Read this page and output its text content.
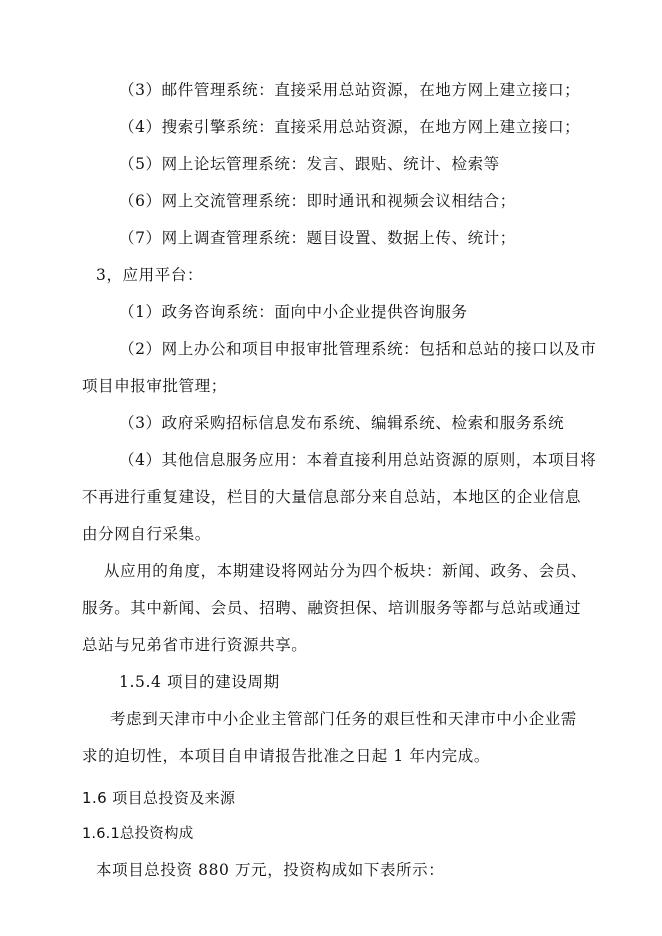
（3）邮件管理系统：直接采用总站资源，在地方网上建立接口；
（4）搜索引擎系统：直接采用总站资源，在地方网上建立接口；
（5）网上论坛管理系统：发言、跟贴、统计、检索等
（6）网上交流管理系统：即时通讯和视频会议相结合；
（7）网上调查管理系统：题目设置、数据上传、统计；
3，应用平台：
（1）政务咨询系统：面向中小企业提供咨询服务
（2）网上办公和项目申报审批管理系统：包括和总站的接口以及市
项目申报审批管理；
（3）政府采购招标信息发布系统、编辑系统、检索和服务系统
（4）其他信息服务应用：本着直接利用总站资源的原则，本项目将
不再进行重复建设，栏目的大量信息部分来自总站，本地区的企业信息
由分网自行采集。
从应用的角度，本期建设将网站分为四个板块：新闻、政务、会员、
服务。其中新闻、会员、招聘、融资担保、培训服务等都与总站或通过
总站与兄弟省市进行资源共享。
1.5.4 项目的建设周期
考虑到天津市中小企业主管部门任务的艰巨性和天津市中小企业需
求的迫切性，本项目自申请报告批准之日起 1 年内完成。
1.6 项目总投资及来源
1.6.1总投资构成
本项目总投资 880 万元，投资构成如下表所示：
